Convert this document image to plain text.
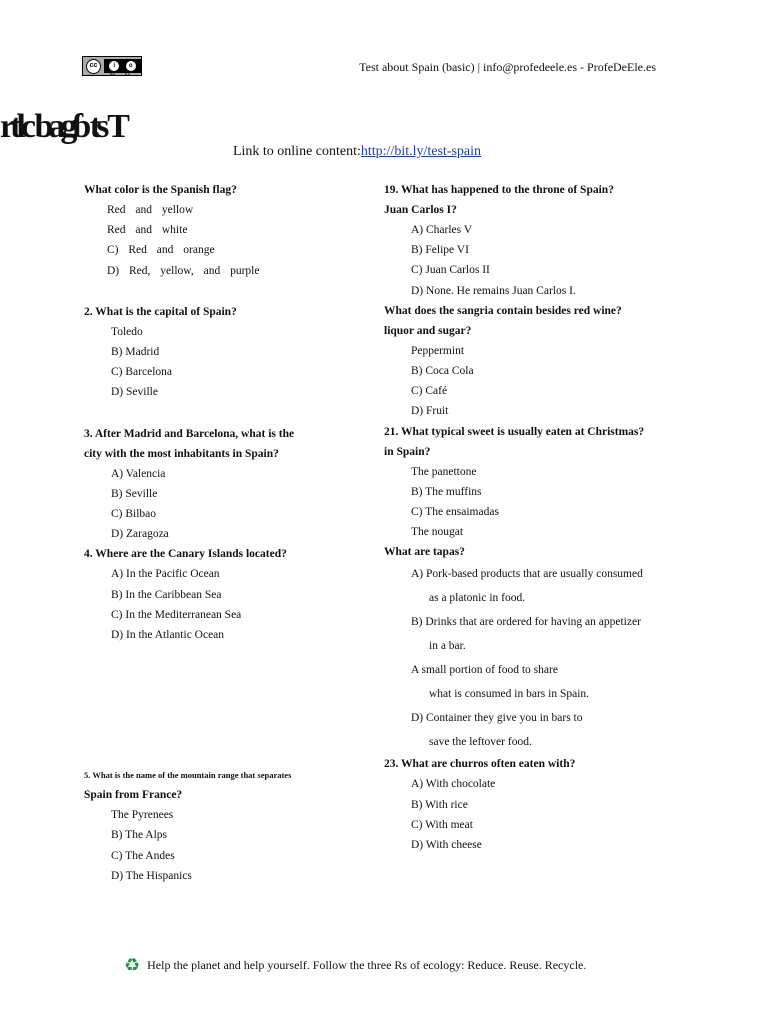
cc	i	o
BY SA
Test about Spain (basic) | info@profedeele.es - ProfeDeEle.es
rtlc bagɓ ts T
Link to online content:http://bit.ly/test-spain
What color is the Spanish flag?
Red and yellow
Red and white
C) Red and orange
D) Red, yellow, and purple
2. What is the capital of Spain?
Toledo
B) Madrid
C) Barcelona
D) Seville
3. After Madrid and Barcelona, what is the
city with the most inhabitants in Spain?
A) Valencia
B) Seville
C) Bilbao
D) Zaragoza
4. Where are the Canary Islands located?
A) In the Pacific Ocean
B) In the Caribbean Sea
C) In the Mediterranean Sea
D) In the Atlantic Ocean
5. What is the name of the mountain range that separates
Spain from France?
The Pyrenees
B) The Alps
C) The Andes
D) The Hispanics
19. What has happened to the throne of Spain?
Juan Carlos I?
A) Charles V
B) Felipe VI
C) Juan Carlos II
D) None. He remains Juan Carlos I.
What does the sangria contain besides red wine?
liquor and sugar?
Peppermint
B) Coca Cola
C) Café
D) Fruit
21. What typical sweet is usually eaten at Christmas?
in Spain?
The panettone
B) The muffins
C) The ensaimadas
The nougat
What are tapas?
A) Pork-based products that are usually consumed
as a platonic in food.
B) Drinks that are ordered for having an appetizer
in a bar.
A small portion of food to share
what is consumed in bars in Spain.
D) Container they give you in bars to
save the leftover food.
23. What are churros often eaten with?
A) With chocolate
B) With rice
C) With meat
D) With cheese
♻ Help the planet and help yourself. Follow the three Rs of ecology: Reduce. Reuse. Recycle.
